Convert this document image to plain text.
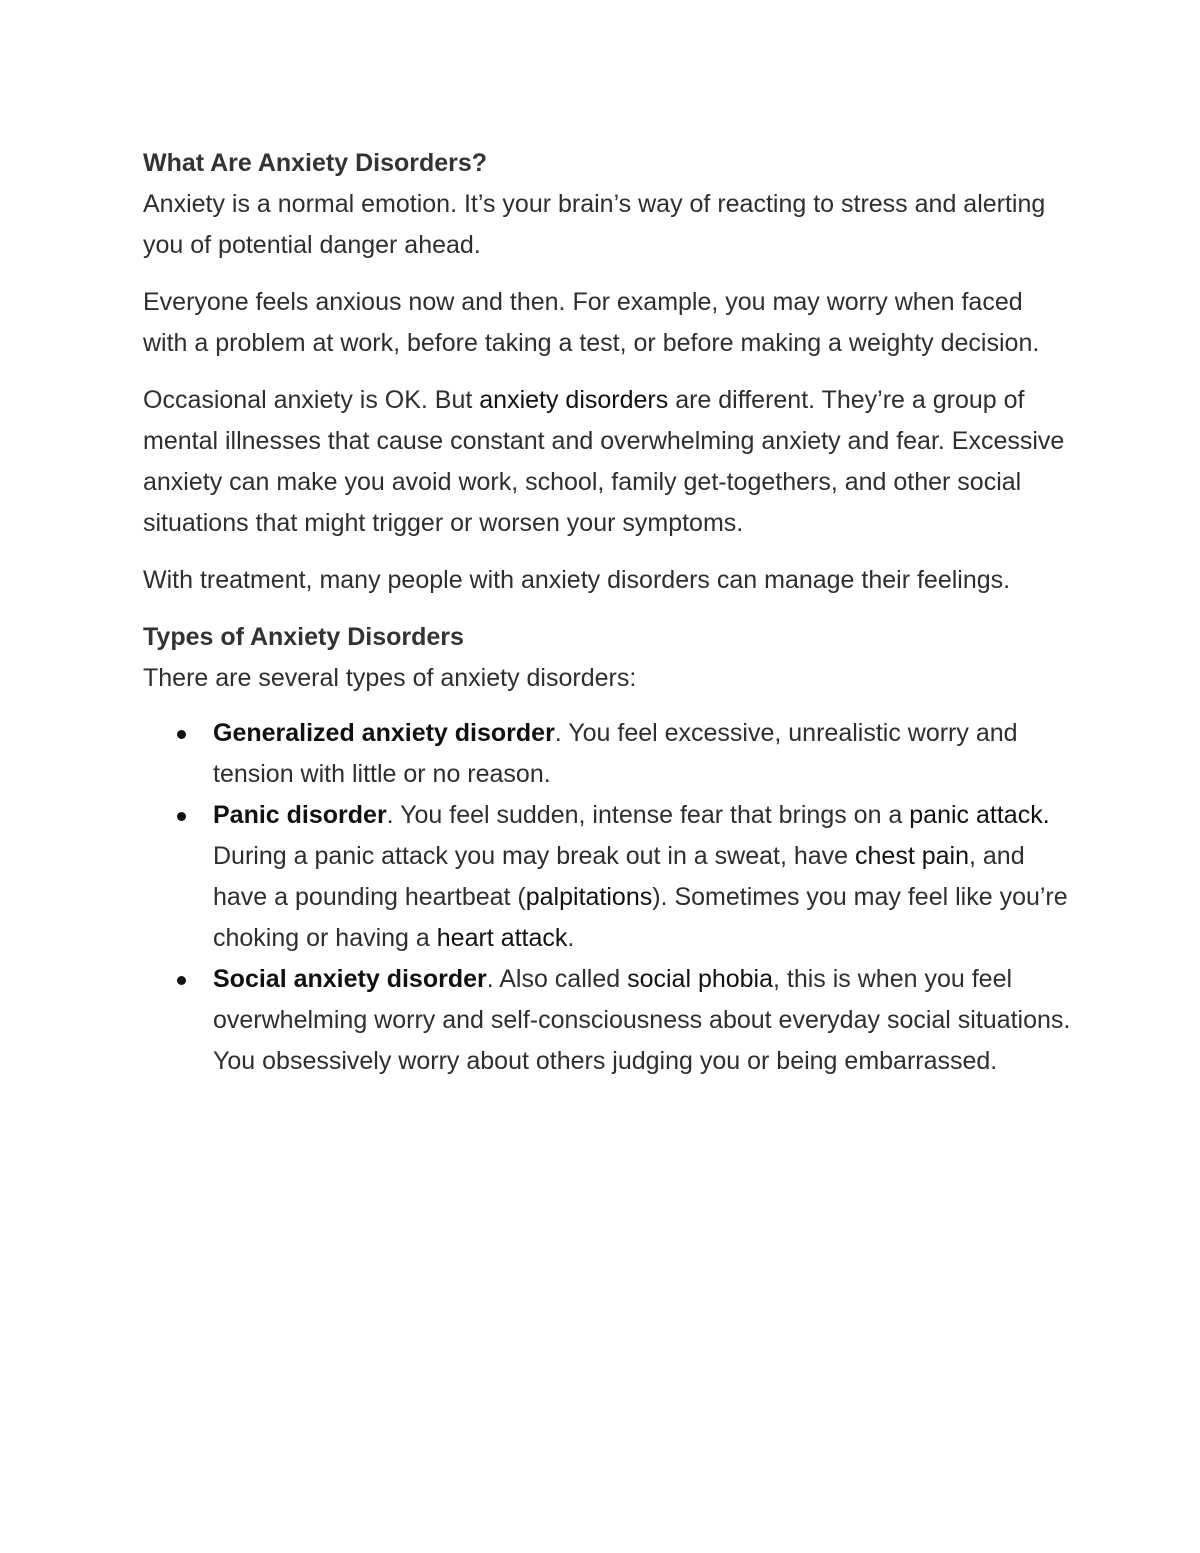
What Are Anxiety Disorders?

Anxiety is a normal emotion. It’s your brain’s way of reacting to stress and alerting you of potential danger ahead.

Everyone feels anxious now and then. For example, you may worry when faced with a problem at work, before taking a test, or before making a weighty decision.

Occasional anxiety is OK. But anxiety disorders are different. They’re a group of mental illnesses that cause constant and overwhelming anxiety and fear. Excessive anxiety can make you avoid work, school, family get-togethers, and other social situations that might trigger or worsen your symptoms.

With treatment, many people with anxiety disorders can manage their feelings.

Types of Anxiety Disorders

There are several types of anxiety disorders:

Generalized anxiety disorder. You feel excessive, unrealistic worry and tension with little or no reason.
Panic disorder. You feel sudden, intense fear that brings on a panic attack. During a panic attack you may break out in a sweat, have chest pain, and have a pounding heartbeat (palpitations). Sometimes you may feel like you’re choking or having a heart attack.
Social anxiety disorder. Also called social phobia, this is when you feel overwhelming worry and self-consciousness about everyday social situations. You obsessively worry about others judging you or being embarrassed.
